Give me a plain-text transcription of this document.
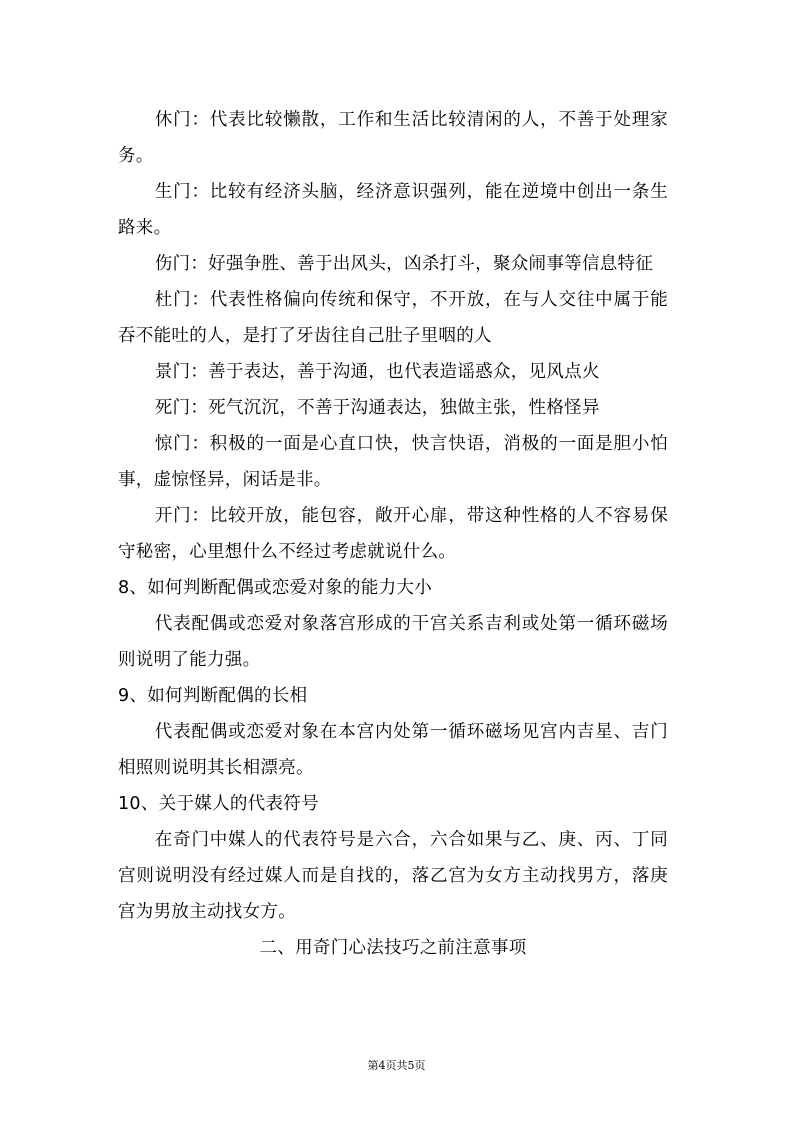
休门：代表比较懒散，工作和生活比较清闲的人，不善于处理家务。

生门：比较有经济头脑，经济意识强列，能在逆境中创出一条生路来。

伤门：好强争胜、善于出风头，凶杀打斗，聚众闹事等信息特征

杜门：代表性格偏向传统和保守，不开放，在与人交往中属于能吞不能吐的人，是打了牙齿往自己肚子里咽的人

景门：善于表达，善于沟通，也代表造谣惑众，见风点火

死门：死气沉沉，不善于沟通表达，独做主张，性格怪异

惊门：积极的一面是心直口快，快言快语，消极的一面是胆小怕事，虚惊怪异，闲话是非。

开门：比较开放，能包容，敞开心扉，带这种性格的人不容易保守秘密，心里想什么不经过考虑就说什么。

8、如何判断配偶或恋爱对象的能力大小

代表配偶或恋爱对象落宫形成的干宫关系吉利或处第一循环磁场则说明了能力强。

9、如何判断配偶的长相

代表配偶或恋爱对象在本宫内处第一循环磁场见宫内吉星、吉门相照则说明其长相漂亮。

10、关于媒人的代表符号

在奇门中媒人的代表符号是六合，六合如果与乙、庚、丙、丁同宫则说明没有经过媒人而是自找的，落乙宫为女方主动找男方，落庚宫为男放主动找女方。

二、用奇门心法技巧之前注意事项

第4页共5页
